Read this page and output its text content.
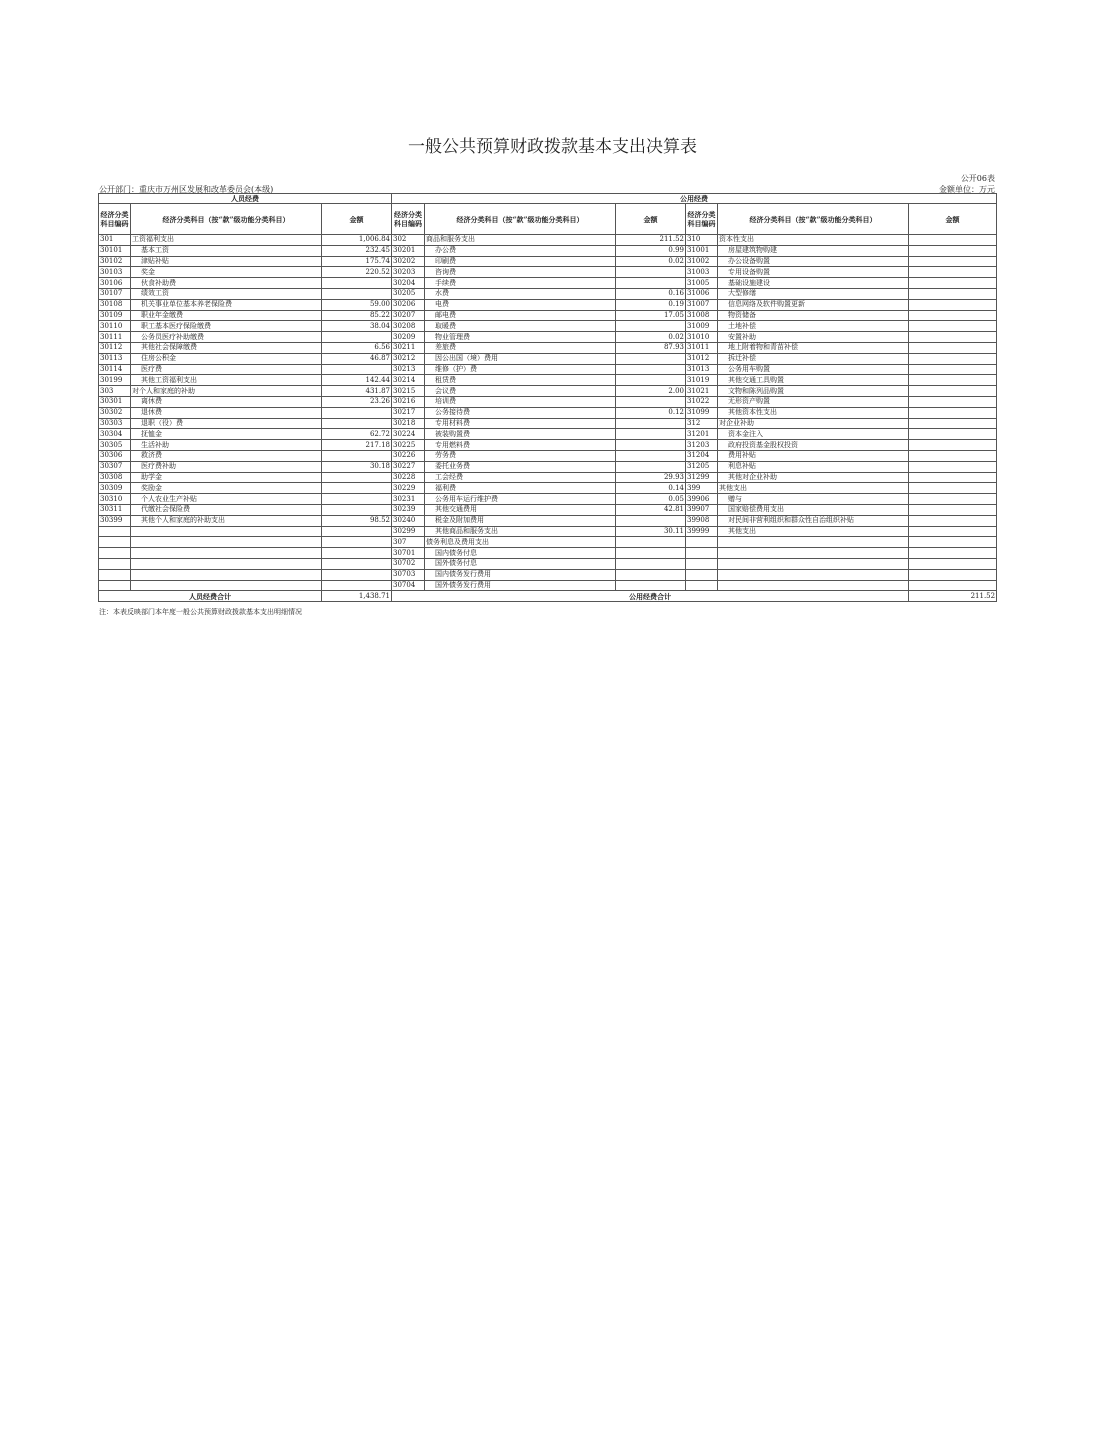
一般公共预算财政拨款基本支出决算表
公开06表
公开部门：重庆市万州区发展和改革委员会(本级)	金额单位：万元
人员经费			公用经费					
经济分类科目编码	经济分类科目（按“款”级功能分类科目）	金额	经济分类科目编码	经济分类科目（按“款”级功能分类科目）	金额	经济分类科目编码	经济分类科目（按“款”级功能分类科目）	金额
301	工资福利支出	1,006.84	302	商品和服务支出	211.52	310	资本性支出	
30101	基本工资	232.45	30201	办公费	0.99	31001	房屋建筑物购建	
30102	津贴补贴	175.74	30202	印刷费	0.02	31002	办公设备购置	
30103	奖金	220.52	30203	咨询费		31003	专用设备购置	
30106	伙食补助费		30204	手续费		31005	基础设施建设	
30107	绩效工资		30205	水费	0.16	31006	大型修缮	
30108	机关事业单位基本养老保险费	59.00	30206	电费	0.19	31007	信息网络及软件购置更新	
30109	职业年金缴费	85.22	30207	邮电费	17.05	31008	物资储备	
30110	职工基本医疗保险缴费	38.04	30208	取暖费		31009	土地补偿	
30111	公务员医疗补助缴费		30209	物业管理费	0.02	31010	安置补助	
30112	其他社会保障缴费	6.56	30211	差旅费	87.93	31011	地上附着物和青苗补偿	
30113	住房公积金	46.87	30212	因公出国（境）费用		31012	拆迁补偿	
30114	医疗费		30213	维修（护）费		31013	公务用车购置	
30199	其他工资福利支出	142.44	30214	租赁费		31019	其他交通工具购置	
303	对个人和家庭的补助	431.87	30215	会议费	2.00	31021	文物和陈列品购置	
30301	离休费	23.26	30216	培训费		31022	无形资产购置	
30302	退休费		30217	公务接待费	0.12	31099	其他资本性支出	
30303	退职（役）费		30218	专用材料费		312	对企业补助	
30304	抚恤金	62.72	30224	被装购置费		31201	资本金注入	
30305	生活补助	217.18	30225	专用燃料费		31203	政府投资基金股权投资	
30306	救济费		30226	劳务费		31204	费用补贴	
30307	医疗费补助	30.18	30227	委托业务费		31205	利息补贴	
30308	助学金		30228	工会经费	29.93	31299	其他对企业补助	
30309	奖励金		30229	福利费	0.14	399	其他支出	
30310	个人农业生产补贴		30231	公务用车运行维护费	0.05	39906	赠与	
30311	代缴社会保险费		30239	其他交通费用	42.81	39907	国家赔偿费用支出	
30399	其他个人和家庭的补助支出	98.52	30240	税金及附加费用		39908	对民间非营利组织和群众性自治组织补贴	
			30299	其他商品和服务支出	30.11	39999	其他支出	
			307	债务利息及费用支出				
			30701	国内债务付息				
			30702	国外债务付息				
			30703	国内债务发行费用				
			30704	国外债务发行费用				
人员经费合计		1,438.71	公用经费合计					211.52
注：本表反映部门本年度一般公共预算财政拨款基本支出明细情况
